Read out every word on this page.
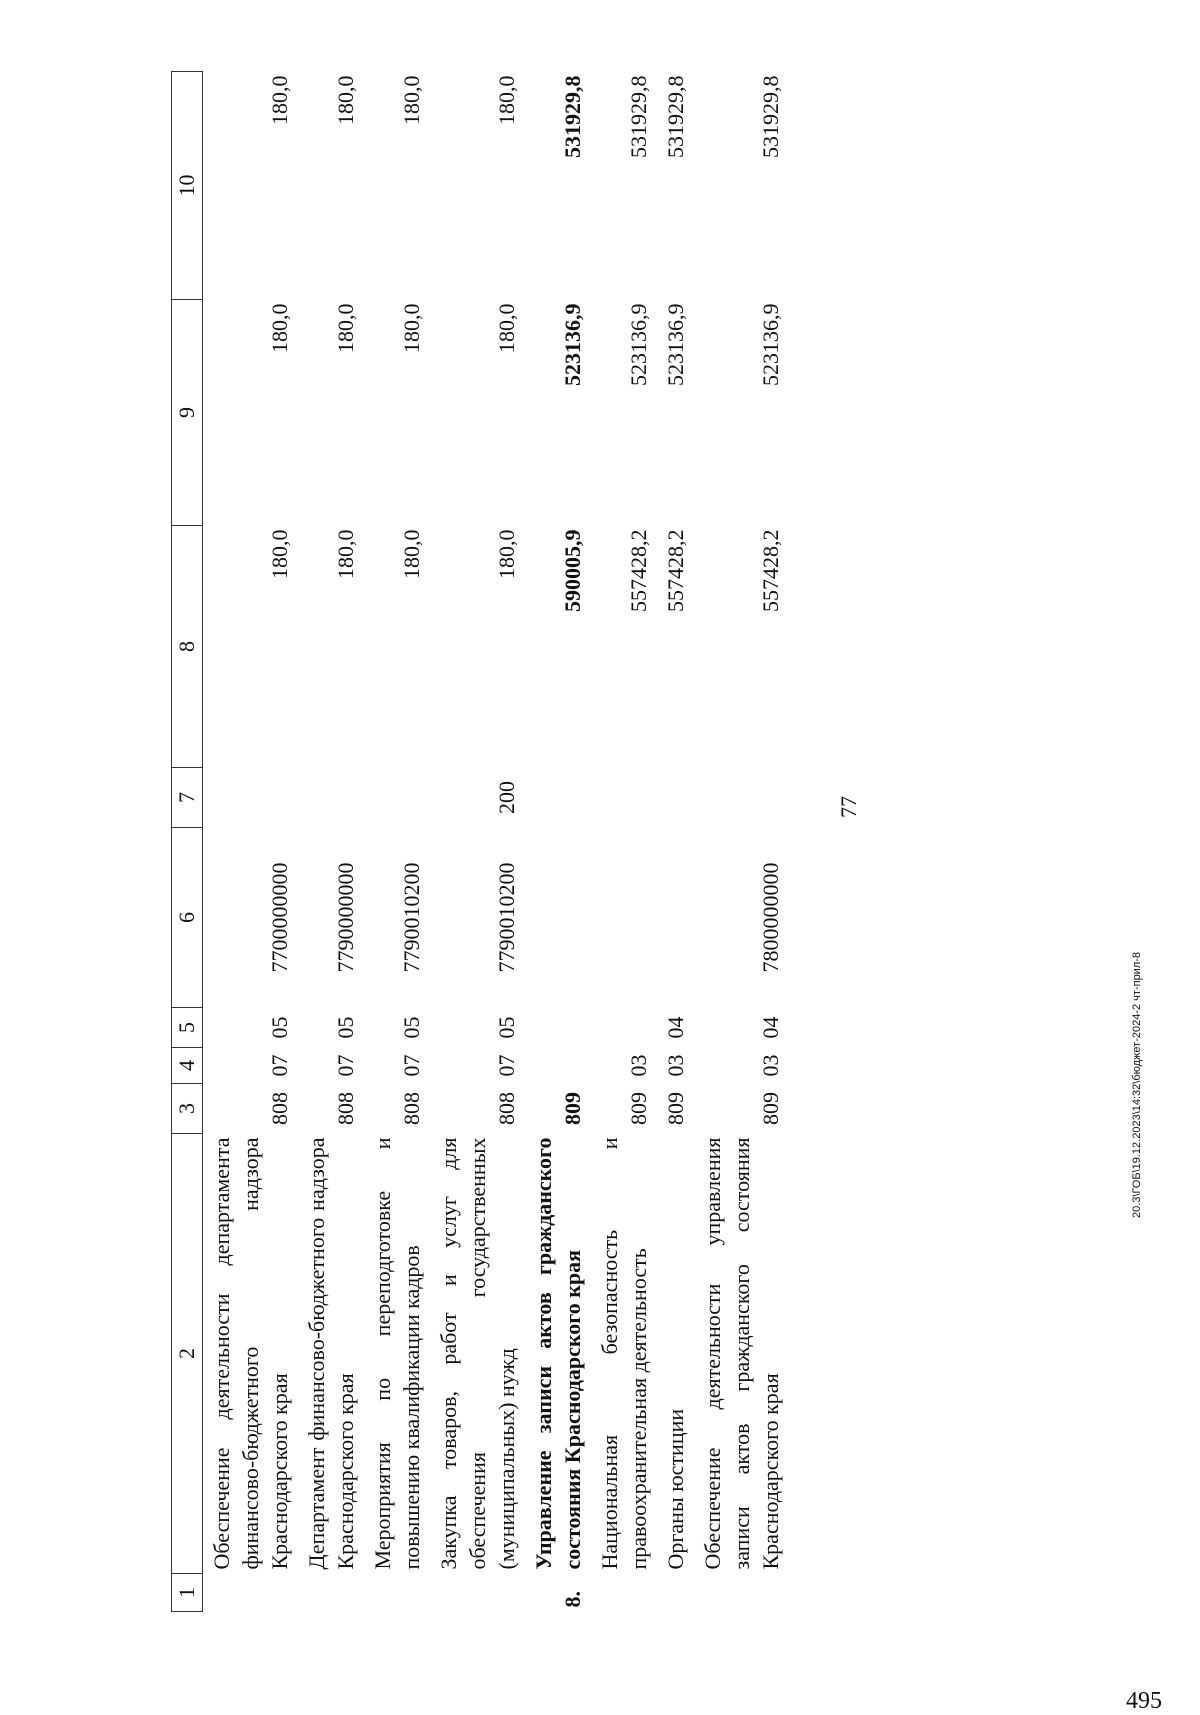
77
20.3\ГОБ\19.12.2023\14:32\бюджет-2024-2 чт-прил-8
495
1	2	3	4	5	6	7	8	9	10
	Обеспечение деятельности департамента финансово-бюджетного надзора Краснодарского края	808	07	05	7700000000		180,0	180,0	180,0
	Департамент финансово-бюджетного надзора Краснодарского края	808	07	05	7790000000		180,0	180,0	180,0
	Мероприятия по переподготовке и повышению квалификации кадров	808	07	05	7790010200		180,0	180,0	180,0
	Закупка товаров, работ и услуг для обеспечения государственных (муниципальных) нужд	808	07	05	7790010200	200	180,0	180,0	180,0
8.	Управление записи актов гражданского состояния Краснодарского края	809					590005,9	523136,9	531929,8
	Национальная безопасность и правоохранительная деятельность	809	03				557428,2	523136,9	531929,8
	Органы юстиции	809	03	04			557428,2	523136,9	531929,8
	Обеспечение деятельности управления записи актов гражданского состояния Краснодарского края	809	03	04	7800000000		557428,2	523136,9	531929,8
